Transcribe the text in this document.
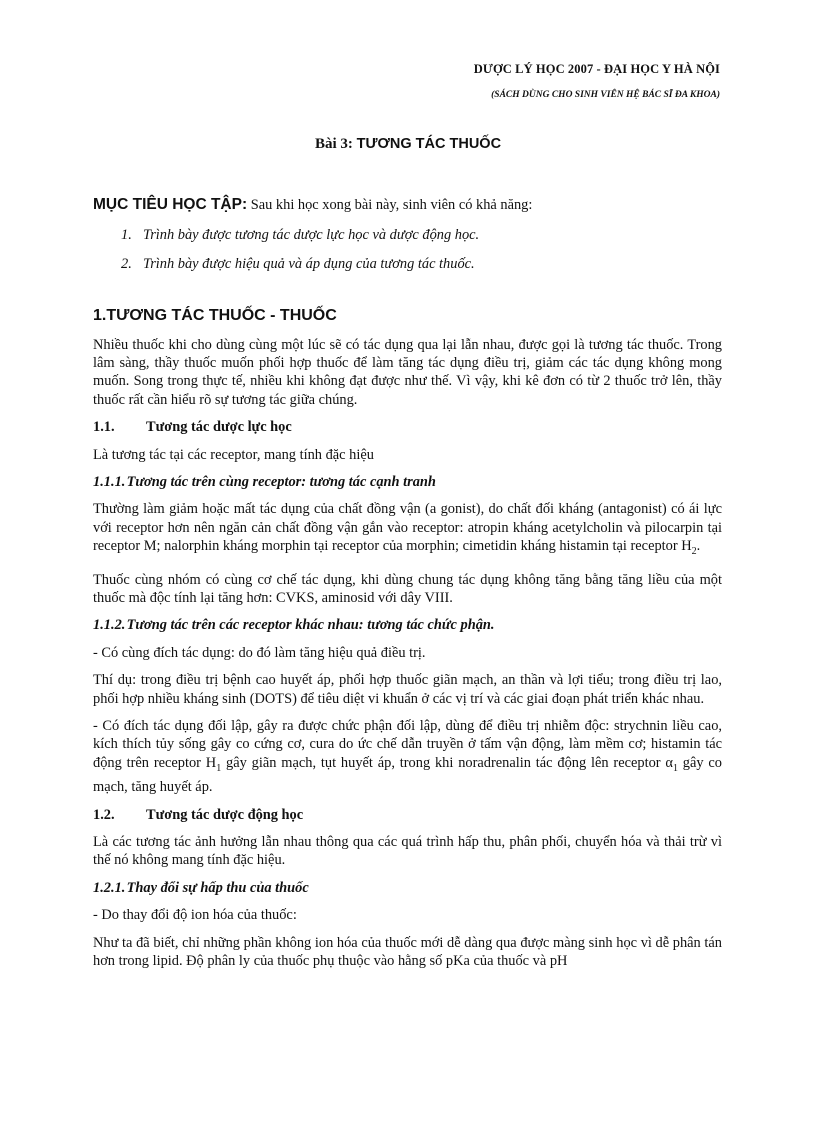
DƯỢC LÝ HỌC 2007 - ĐẠI HỌC Y HÀ NỘI
(SÁCH DÙNG CHO SINH VIÊN HỆ BÁC SĨ ĐA KHOA)
Bài 3: TƯƠNG TÁC THUỐC
MỤC TIÊU HỌC TẬP: Sau khi học xong bài này, sinh viên có khả năng:
1. Trình bày được tương tác dược lực học và dược động học.
2. Trình bày được hiệu quả và áp dụng của tương tác thuốc.
1.TƯƠNG TÁC THUỐC - THUỐC

Nhiều thuốc khi cho dùng cùng một lúc sẽ có tác dụng qua lại lẫn nhau, được gọi là tương tác thuốc. Trong lâm sàng, thầy thuốc muốn phối hợp thuốc để làm tăng tác dụng điều trị, giảm các tác dụng không mong muốn. Song trong thực tế, nhiều khi không đạt được như thế. Vì vậy, khi kê đơn có từ 2 thuốc trở lên, thầy thuốc rất cần hiểu rõ sự tương tác giữa chúng.

1.1. Tương tác dược lực học

Là tương tác tại các receptor, mang tính đặc hiệu

1.1.1. Tương tác trên cùng receptor: tương tác cạnh tranh

Thường làm giảm hoặc mất tác dụng của chất đồng vận (a gonist), do chất đối kháng (antagonist) có ái lực với receptor hơn nên ngăn cản chất đồng vận gắn vào receptor: atropin kháng acetylcholin và pilocarpin tại receptor M; nalorphin kháng morphin tại receptor của morphin; cimetidin kháng histamin tại receptor $H_2$.

Thuốc cùng nhóm có cùng cơ chế tác dụng, khi dùng chung tác dụng không tăng bằng tăng liều của một thuốc mà độc tính lại tăng hơn: CVKS, aminosid với dây VIII.

1.1.2. Tương tác trên các receptor khác nhau: tương tác chức phận.

- Có cùng đích tác dụng: do đó làm tăng hiệu quả điều trị.

Thí dụ: trong điều trị bệnh cao huyết áp, phối hợp thuốc giãn mạch, an thần và lợi tiểu; trong điều trị lao, phối hợp nhiều kháng sinh (DOTS) để tiêu diệt vi khuẩn ở các vị trí và các giai đoạn phát triển khác nhau.

- Có đích tác dụng đối lập, gây ra được chức phận đối lập, dùng để điều trị nhiễm độc: strychnin liều cao, kích thích tủy sống gây co cứng cơ, cura do ức chế dẫn truyền ở tấm vận động, làm mềm cơ; histamin tác động trên receptor $H_1$ gây giãn mạch, tụt huyết áp, trong khi noradrenalin tác động lên receptor $\alpha_1$ gây co mạch, tăng huyết áp.

1.2. Tương tác dược động học

Là các tương tác ảnh hưởng lẫn nhau thông qua các quá trình hấp thu, phân phối, chuyển hóa và thải trừ vì thế nó không mang tính đặc hiệu.

1.2.1. Thay đổi sự hấp thu của thuốc

- Do thay đổi độ ion hóa của thuốc:

Như ta đã biết, chỉ những phần không ion hóa của thuốc mới dễ dàng qua được màng sinh học vì dễ phân tán hơn trong lipid. Độ phân ly của thuốc phụ thuộc vào hằng số pKa của thuốc và pH
